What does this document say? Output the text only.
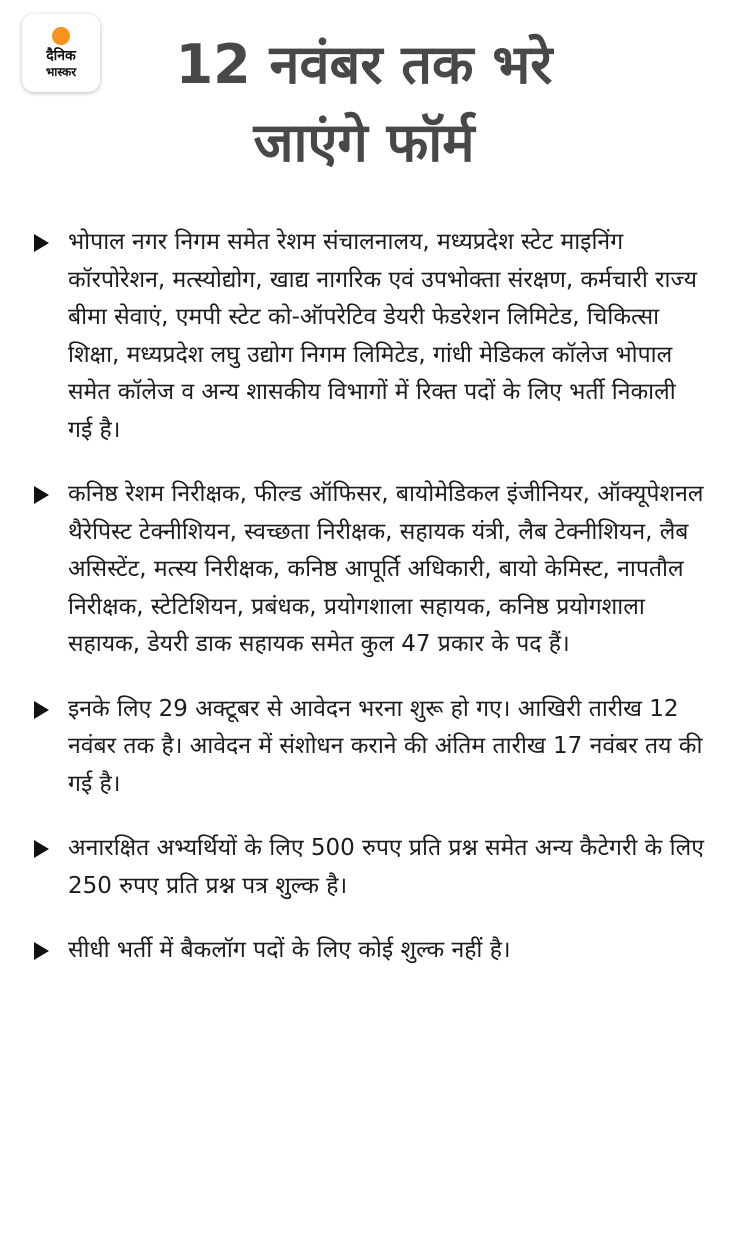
दैनिक
भास्कर	12 नवंबर तक भरे
जाएंगे फॉर्म
भोपाल नगर निगम समेत रेशम संचालनालय, मध्यप्रदेश स्टेट माइनिंग कॉरपोरेशन, मत्स्योद्योग, खाद्य नागरिक एवं उपभोक्ता संरक्षण, कर्मचारी राज्य बीमा सेवाएं, एमपी स्टेट को-ऑपरेटिव डेयरी फेडरेशन लिमिटेड, चिकित्सा शिक्षा, मध्यप्रदेश लघु उद्योग निगम लिमिटेड, गांधी मेडिकल कॉलेज भोपाल समेत कॉलेज व अन्य शासकीय विभागों में रिक्त पदों के लिए भर्ती निकाली गई है।
कनिष्ठ रेशम निरीक्षक, फील्ड ऑफिसर, बायोमेडिकल इंजीनियर, ऑक्यूपेशनल थैरेपिस्ट टेक्नीशियन, स्वच्छता निरीक्षक, सहायक यंत्री, लैब टेक्नीशियन, लैब असिस्टेंट, मत्स्य निरीक्षक, कनिष्ठ आपूर्ति अधिकारी, बायो केमिस्ट, नापतौल निरीक्षक, स्टेटिशियन, प्रबंधक, प्रयोगशाला सहायक, कनिष्ठ प्रयोगशाला सहायक, डेयरी डाक सहायक समेत कुल 47 प्रकार के पद हैं।
इनके लिए 29 अक्टूबर से आवेदन भरना शुरू हो गए। आखिरी तारीख 12 नवंबर तक है। आवेदन में संशोधन कराने की अंतिम तारीख 17 नवंबर तय की गई है।
अनारक्षित अभ्यर्थियों के लिए 500 रुपए प्रति प्रश्न समेत अन्य कैटेगरी के लिए 250 रुपए प्रति प्रश्न पत्र शुल्क है।
सीधी भर्ती में बैकलॉग पदों के लिए कोई शुल्क नहीं है।
